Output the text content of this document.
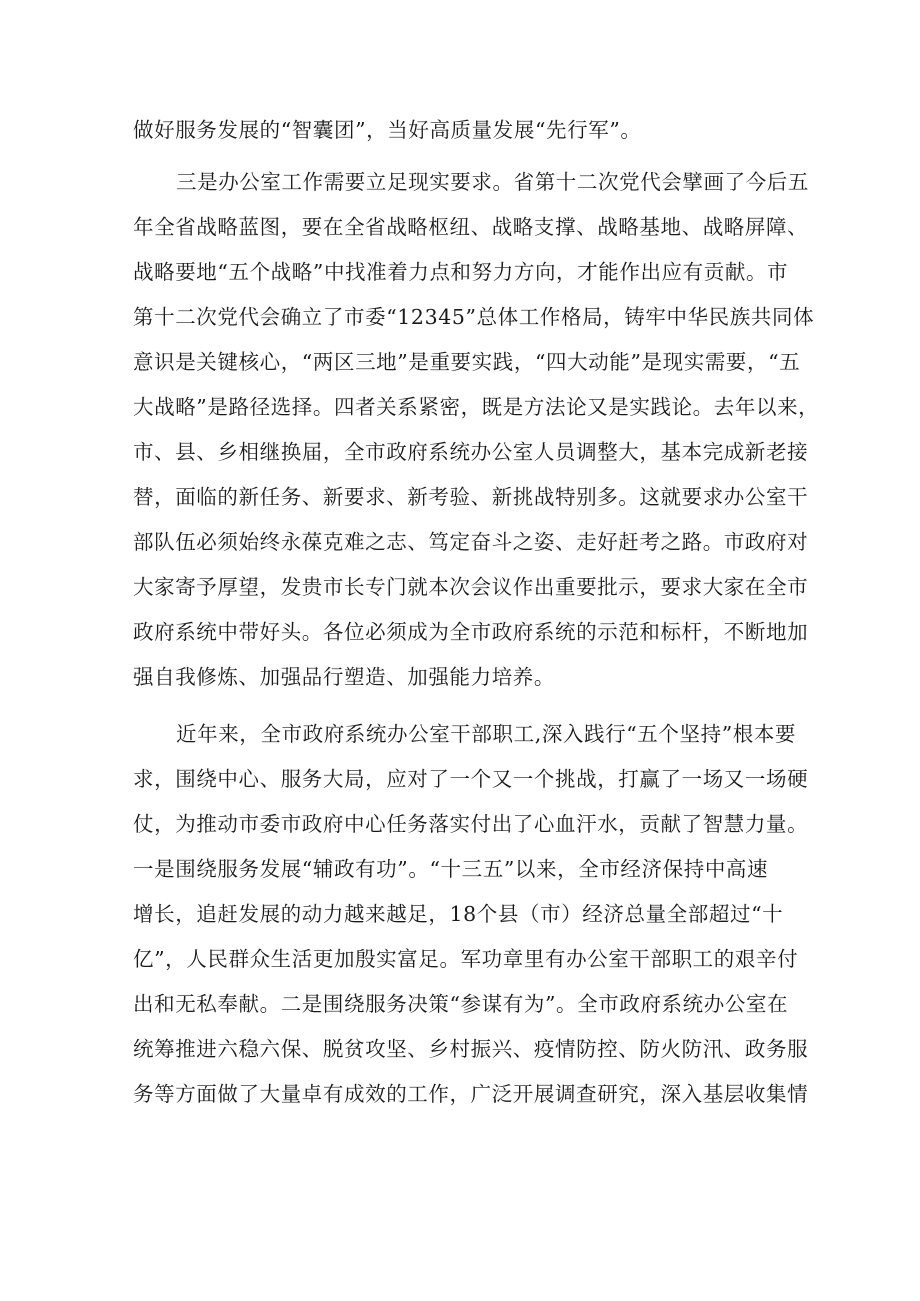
做好服务发展的“智囊团”，当好高质量发展“先行军”。
三是办公室工作需要立足现实要求。省第十二次党代会擘画了今后五
年全省战略蓝图，要在全省战略枢纽、战略支撑、战略基地、战略屏障、
战略要地“五个战略”中找准着力点和努力方向，才能作出应有贡献。市
第十二次党代会确立了市委“12345”总体工作格局，铸牢中华民族共同体
意识是关键核心，“两区三地”是重要实践，“四大动能”是现实需要，“五
大战略”是路径选择。四者关系紧密，既是方法论又是实践论。去年以来，
市、县、乡相继换届，全市政府系统办公室人员调整大，基本完成新老接
替，面临的新任务、新要求、新考验、新挑战特别多。这就要求办公室干
部队伍必须始终永葆克难之志、笃定奋斗之姿、走好赶考之路。市政府对
大家寄予厚望，发贵市长专门就本次会议作出重要批示，要求大家在全市
政府系统中带好头。各位必须成为全市政府系统的示范和标杆，不断地加
强自我修炼、加强品行塑造、加强能力培养。
近年来，全市政府系统办公室干部职工,深入践行“五个坚持”根本要
求，围绕中心、服务大局，应对了一个又一个挑战，打赢了一场又一场硬
仗，为推动市委市政府中心任务落实付出了心血汗水，贡献了智慧力量。
一是围绕服务发展“辅政有功”。“十三五”以来，全市经济保持中高速
增长，追赶发展的动力越来越足，18个县（市）经济总量全部超过“十
亿”，人民群众生活更加殷实富足。军功章里有办公室干部职工的艰辛付
出和无私奉献。二是围绕服务决策“参谋有为”。全市政府系统办公室在
统筹推进六稳六保、脱贫攻坚、乡村振兴、疫情防控、防火防汛、政务服
务等方面做了大量卓有成效的工作，广泛开展调查研究，深入基层收集情
